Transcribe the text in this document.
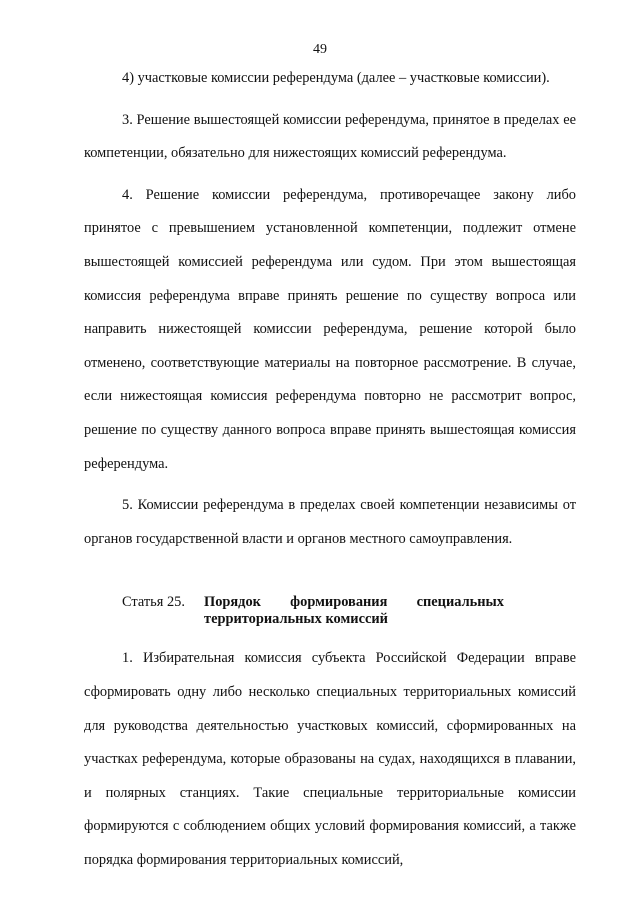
49

4) участковые комиссии референдума (далее – участковые комиссии).

3. Решение вышестоящей комиссии референдума, принятое в пределах ее компетенции, обязательно для нижестоящих комиссий референдума.

4. Решение комиссии референдума, противоречащее закону либо принятое с превышением установленной компетенции, подлежит отмене вышестоящей комиссией референдума или судом. При этом вышестоящая комиссия референдума вправе принять решение по существу вопроса или направить нижестоящей комиссии референдума, решение которой было отменено, соответствующие материалы на повторное рассмотрение. В случае, если нижестоящая комиссия референдума повторно не рассмотрит вопрос, решение по существу данного вопроса вправе принять вышестоящая комиссия референдума.

5. Комиссии референдума в пределах своей компетенции независимы от органов государственной власти и органов местного самоуправления.

Статья 25.	Порядок формирования специальных территориальных комиссий

1. Избирательная комиссия субъекта Российской Федерации вправе сформировать одну либо несколько специальных территориальных комиссий для руководства деятельностью участковых комиссий, сформированных на участках референдума, которые образованы на судах, находящихся в плавании, и полярных станциях. Такие специальные территориальные комиссии формируются с соблюдением общих условий формирования комиссий, а также порядка формирования территориальных комиссий,
